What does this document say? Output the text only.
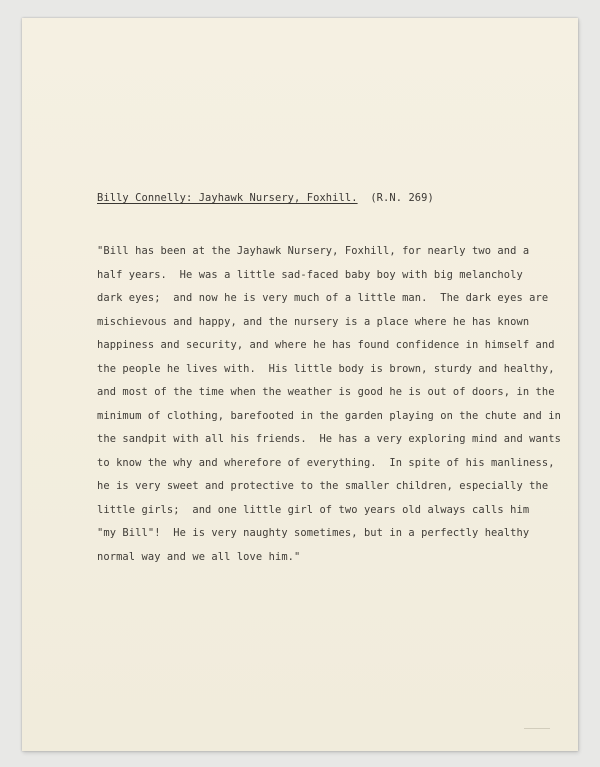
Billy Connelly: Jayhawk Nursery, Foxhill. (R.N. 269)
"Bill has been at the Jayhawk Nursery, Foxhill, for nearly two and a
half years.  He was a little sad-faced baby boy with big melancholy
dark eyes;  and now he is very much of a little man.  The dark eyes are
mischievous and happy, and the nursery is a place where he has known
happiness and security, and where he has found confidence in himself and
the people he lives with.  His little body is brown, sturdy and healthy,
and most of the time when the weather is good he is out of doors, in the
minimum of clothing, barefooted in the garden playing on the chute and in
the sandpit with all his friends.  He has a very exploring mind and wants
to know the why and wherefore of everything.  In spite of his manliness,
he is very sweet and protective to the smaller children, especially the
little girls;  and one little girl of two years old always calls him
"my Bill"!  He is very naughty sometimes, but in a perfectly healthy
normal way and we all love him."
